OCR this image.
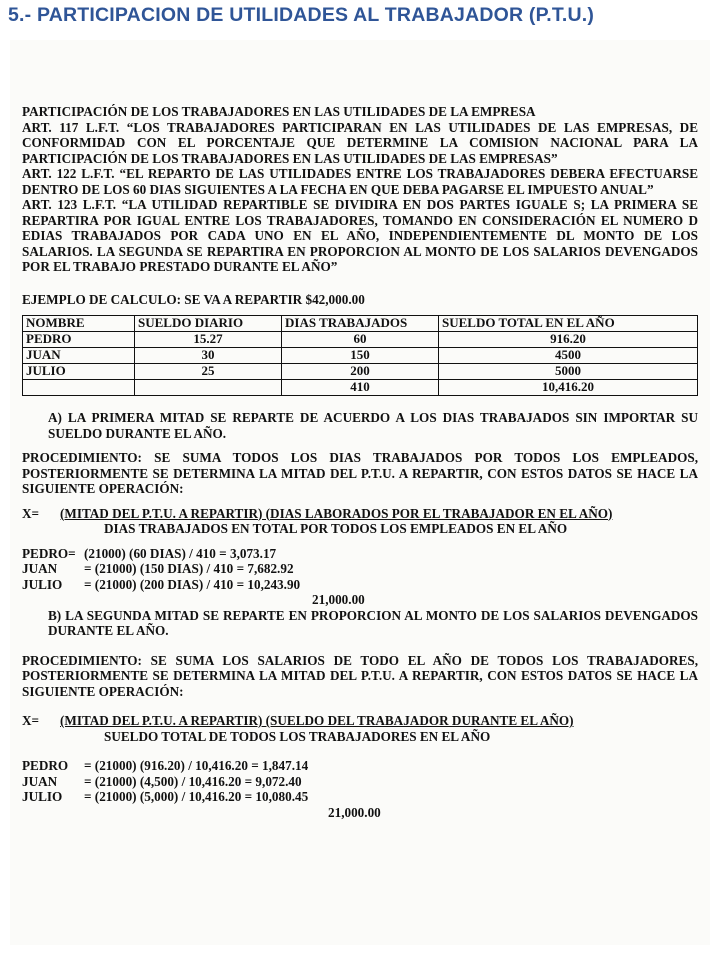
5.- PARTICIPACION DE UTILIDADES AL TRABAJADOR (P.T.U.)

PARTICIPACIÓN DE LOS TRABAJADORES EN LAS UTILIDADES DE LA EMPRESA

ART. 117 L.F.T. “LOS TRABAJADORES PARTICIPARAN EN LAS UTILIDADES DE LAS EMPRESAS, DE CONFORMIDAD CON EL PORCENTAJE QUE DETERMINE LA COMISION NACIONAL PARA LA PARTICIPACIÓN DE LOS TRABAJADORES EN LAS UTILIDADES DE LAS EMPRESAS”

ART. 122 L.F.T. “EL REPARTO DE LAS UTILIDADES ENTRE LOS TRABAJADORES DEBERA EFECTUARSE DENTRO DE LOS 60 DIAS SIGUIENTES A LA FECHA EN QUE DEBA PAGARSE EL IMPUESTO ANUAL”

ART. 123 L.F.T. “LA UTILIDAD REPARTIBLE SE DIVIDIRA EN DOS PARTES IGUALE S; LA PRIMERA SE REPARTIRA POR IGUAL ENTRE LOS TRABAJADORES, TOMANDO EN CONSIDERACIÓN EL NUMERO D EDIAS TRABAJADOS POR CADA UNO EN EL AÑO, INDEPENDIENTEMENTE DL MONTO DE LOS SALARIOS. LA SEGUNDA SE REPARTIRA EN PROPORCION AL MONTO DE LOS SALARIOS DEVENGADOS POR EL TRABAJO PRESTADO DURANTE EL AÑO”

EJEMPLO DE CALCULO: SE VA A REPARTIR $42,000.00

NOMBRE	SUELDO DIARIO	DIAS TRABAJADOS	SUELDO TOTAL EN EL AÑO
PEDRO	15.27	60	916.20
JUAN	30	150	4500
JULIO	25	200	5000
		410	10,416.20

A) LA PRIMERA MITAD SE REPARTE DE ACUERDO A LOS DIAS TRABAJADOS SIN IMPORTAR SU SUELDO DURANTE EL AÑO.

PROCEDIMIENTO: SE SUMA TODOS LOS DIAS TRABAJADOS POR TODOS LOS EMPLEADOS, POSTERIORMENTE SE DETERMINA LA MITAD DEL P.T.U. A REPARTIR, CON ESTOS DATOS SE HACE LA SIGUIENTE OPERACIÓN:

X=	(MITAD DEL P.T.U. A REPARTIR) (DIAS LABORADOS POR EL TRABAJADOR EN EL AÑO)

DIAS TRABAJADOS EN TOTAL POR TODOS LOS EMPLEADOS EN EL AÑO

PEDRO= (21000) (60 DIAS) / 410 = 3,073.17
JUAN	= (21000) (150 DIAS) / 410 = 7,682.92
JULIO	= (21000) (200 DIAS) / 410 = 10,243.90

21,000.00

B) LA SEGUNDA MITAD SE REPARTE EN PROPORCION AL MONTO DE LOS SALARIOS DEVENGADOS DURANTE EL AÑO.

PROCEDIMIENTO: SE SUMA LOS SALARIOS DE TODO EL AÑO DE TODOS LOS TRABAJADORES, POSTERIORMENTE SE DETERMINA LA MITAD DEL P.T.U. A REPARTIR, CON ESTOS DATOS SE HACE LA SIGUIENTE OPERACIÓN:

X=	(MITAD DEL P.T.U. A REPARTIR) (SUELDO DEL TRABAJADOR DURANTE EL AÑO)

SUELDO TOTAL DE TODOS LOS TRABAJADORES EN EL AÑO

PEDRO	= (21000) (916.20) / 10,416.20 = 1,847.14
JUAN	= (21000) (4,500) / 10,416.20 = 9,072.40
JULIO	= (21000) (5,000) / 10,416.20 = 10,080.45

21,000.00
